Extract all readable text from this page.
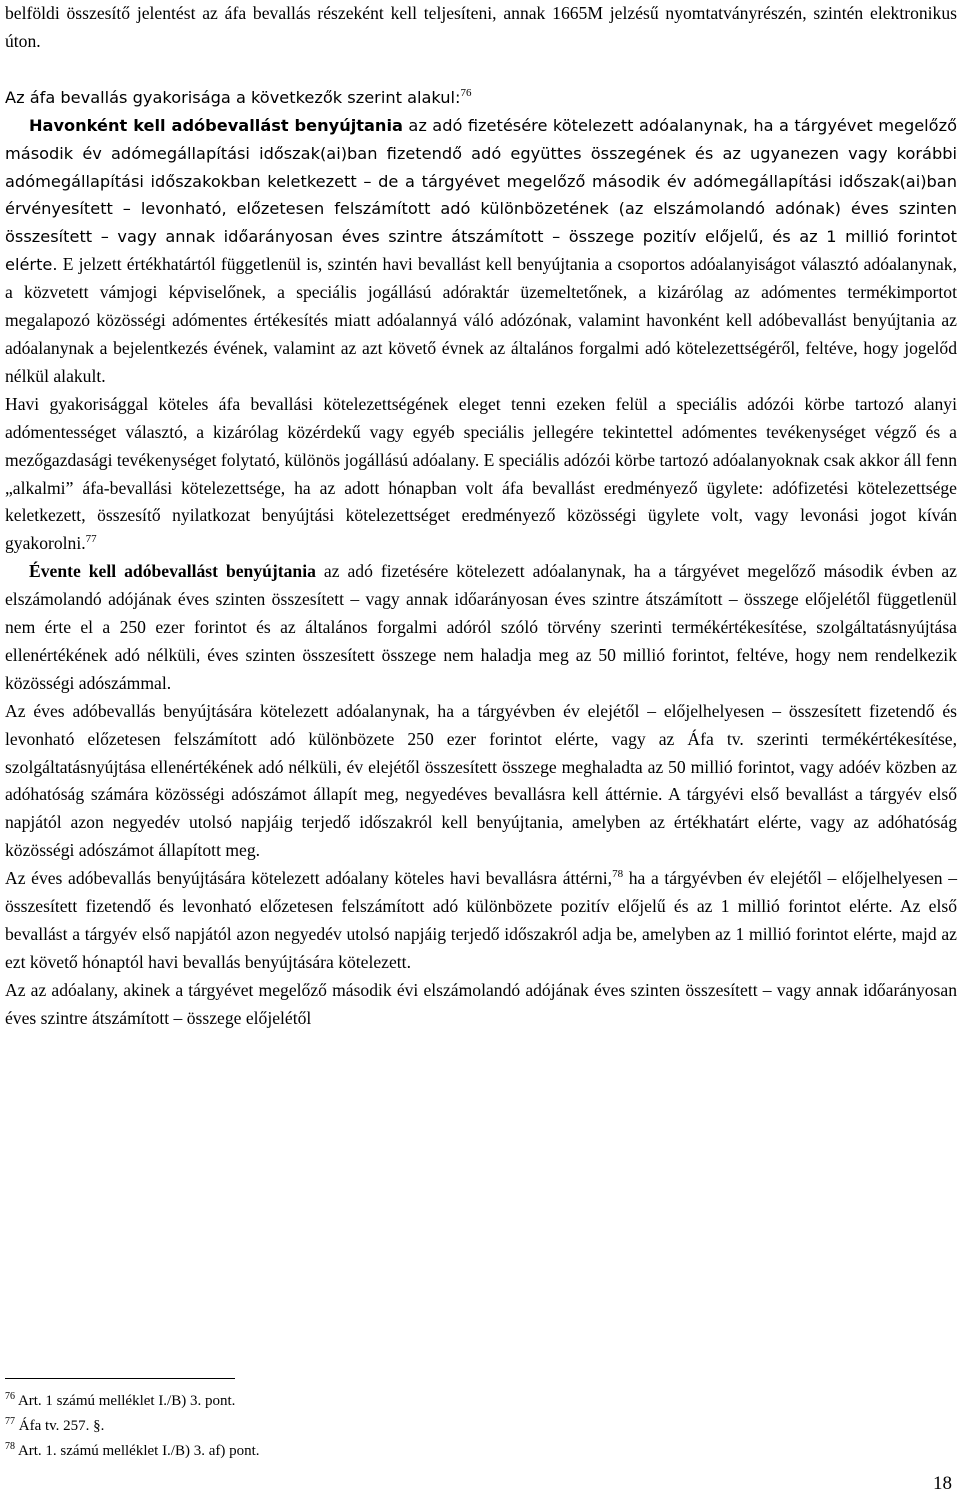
belföldi összesítő jelentést az áfa bevallás részeként kell teljesíteni, annak 1665M jelzésű nyomtatványrészén, szintén elektronikus úton.

Az áfa bevallás gyakorisága a következők szerint alakul:$^{76}$

Havonként kell adóbevallást benyújtania az adó fizetésére kötelezett adóalanynak, ha a tárgyévet megelőző második év adómegállapítási időszak(ai)ban fizetendő adó együttes összegének és az ugyanezen vagy korábbi adómegállapítási időszakokban keletkezett – de a tárgyévet megelőző második év adómegállapítási időszak(ai)ban érvényesített – levonható, előzetesen felszámított adó különbözetének (az elszámolandó adónak) éves szinten összesített – vagy annak időarányosan éves szintre átszámított – összege pozitív előjelű, és az 1 millió forintot elérte. E jelzett értékhatártól függetlenül is, szintén havi bevallást kell benyújtania a csoportos adóalanyiságot választó adóalanynak, a közvetett vámjogi képviselőnek, a speciális jogállású adóraktár üzemeltetőnek, a kizárólag az adómentes termékimportot megalapozó közösségi adómentes értékesítés miatt adóalannyá váló adózónak, valamint havonként kell adóbevallást benyújtania az adóalanynak a bejelentkezés évének, valamint az azt követő évnek az általános forgalmi adó kötelezettségéről, feltéve, hogy jogelőd nélkül alakult.

Havi gyakorisággal köteles áfa bevallási kötelezettségének eleget tenni ezeken felül a speciális adózói körbe tartozó alanyi adómentességet választó, a kizárólag közérdekű vagy egyéb speciális jellegére tekintettel adómentes tevékenységet végző és a mezőgazdasági tevékenységet folytató, különös jogállású adóalany. E speciális adózói körbe tartozó adóalanyoknak csak akkor áll fenn „alkalmi” áfa-bevallási kötelezettsége, ha az adott hónapban volt áfa bevallást eredményező ügylete: adófizetési kötelezettsége keletkezett, összesítő nyilatkozat benyújtási kötelezettséget eredményező közösségi ügylete volt, vagy levonási jogot kíván gyakorolni.$^{77}$

Évente kell adóbevallást benyújtania az adó fizetésére kötelezett adóalanynak, ha a tárgyévet megelőző második évben az elszámolandó adójának éves szinten összesített – vagy annak időarányosan éves szintre átszámított – összege előjelétől függetlenül nem érte el a 250 ezer forintot és az általános forgalmi adóról szóló törvény szerinti termékértékesítése, szolgáltatásnyújtása ellenértékének adó nélküli, éves szinten összesített összege nem haladja meg az 50 millió forintot, feltéve, hogy nem rendelkezik közösségi adószámmal.

Az éves adóbevallás benyújtására kötelezett adóalanynak, ha a tárgyévben év elejétől – előjelhelyesen – összesített fizetendő és levonható előzetesen felszámított adó különbözete 250 ezer forintot elérte, vagy az Áfa tv. szerinti termékértékesítése, szolgáltatásnyújtása ellenértékének adó nélküli, év elejétől összesített összege meghaladta az 50 millió forintot, vagy adóév közben az adóhatóság számára közösségi adószámot állapít meg, negyedéves bevallásra kell áttérnie. A tárgyévi első bevallást a tárgyév első napjától azon negyedév utolsó napjáig terjedő időszakról kell benyújtania, amelyben az értékhatárt elérte, vagy az adóhatóság közösségi adószámot állapított meg.

Az éves adóbevallás benyújtására kötelezett adóalany köteles havi bevallásra áttérni,$^{78}$ ha a tárgyévben év elejétől – előjelhelyesen – összesített fizetendő és levonható előzetesen felszámított adó különbözete pozitív előjelű és az 1 millió forintot elérte. Az első bevallást a tárgyév első napjától azon negyedév utolsó napjáig terjedő időszakról adja be, amelyben az 1 millió forintot elérte, majd az ezt követő hónaptól havi bevallás benyújtására kötelezett.

Az az adóalany, akinek a tárgyévet megelőző második évi elszámolandó adójának éves szinten összesített – vagy annak időarányosan éves szintre átszámított – összege előjelétől

$^{76}$ Art. 1 számú melléklet I./B) 3. pont.

$^{77}$ Áfa tv. 257. §.

$^{78}$ Art. 1. számú melléklet I./B) 3. af) pont.

18
